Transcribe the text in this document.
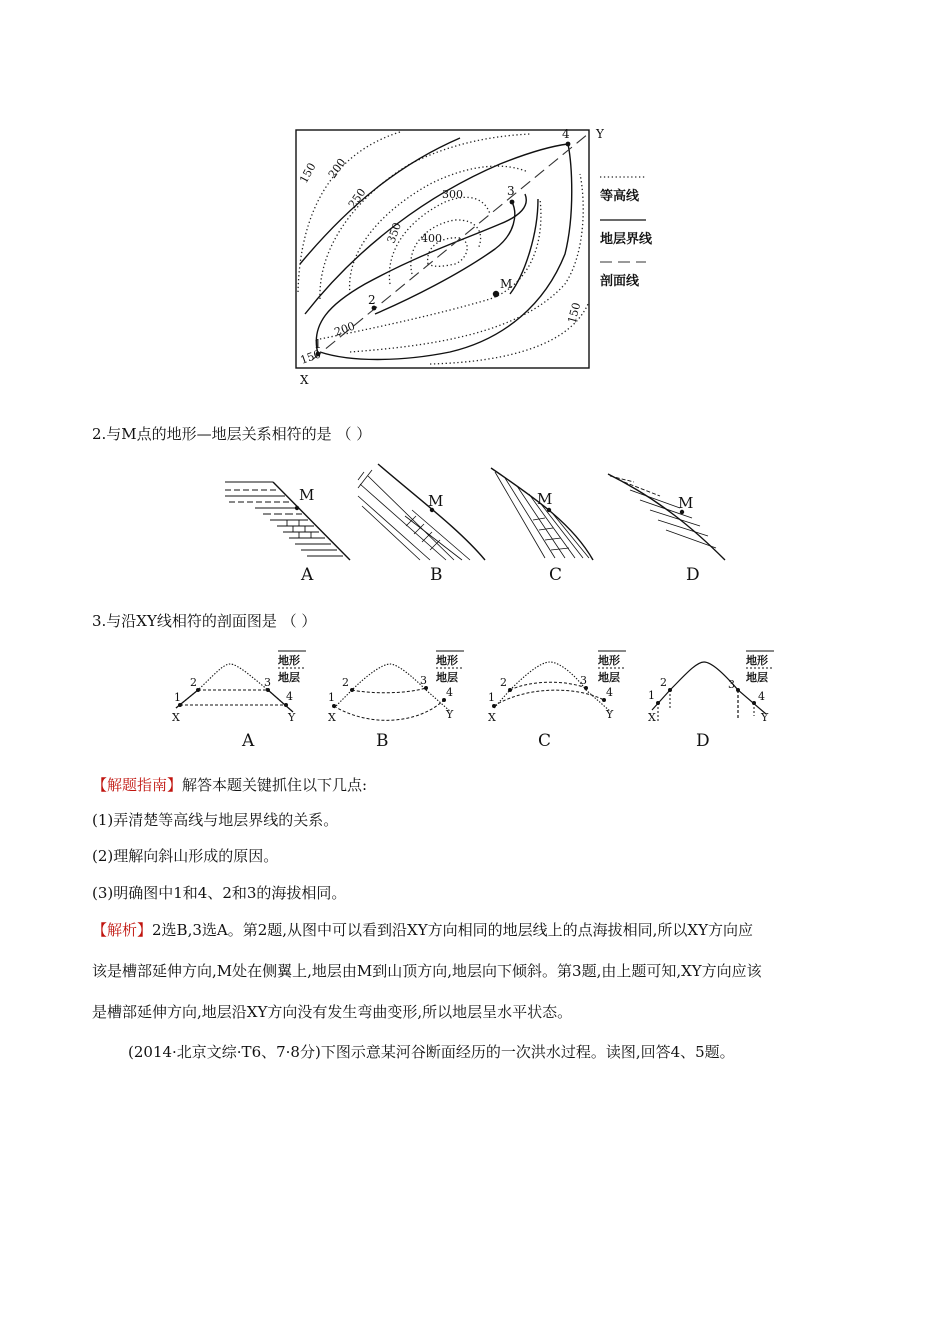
150 200
250	300
350 400
200
150
150
1
2
3
4
M
X
Y
等高线
地层界线
剖面线
2.与M点的地形—地层关系相符的是 （ ）
M
A
M
B
M
C
M
D
3.与沿XY线相符的剖面图是 （ ）
2	3
1	4
X	Y
地形
地层
A
2	3
1	4
X	Y
地形
地层
B
2	3
1	4
X	Y
地形
地层
C
2	3
1	4
X	Y
地形
地层
D
【解题指南】解答本题关键抓住以下几点:
(1)弄清楚等高线与地层界线的关系。
(2)理解向斜山形成的原因。
(3)明确图中1和4、2和3的海拔相同。
【解析】2选B,3选A。第2题,从图中可以看到沿XY方向相同的地层线上的点海拔相同,所以XY方向应
该是槽部延伸方向,M处在侧翼上,地层由M到山顶方向,地层向下倾斜。第3题,由上题可知,XY方向应该
是槽部延伸方向,地层沿XY方向没有发生弯曲变形,所以地层呈水平状态。
(2014·北京文综·T6、7·8分)下图示意某河谷断面经历的一次洪水过程。读图,回答4、5题。
